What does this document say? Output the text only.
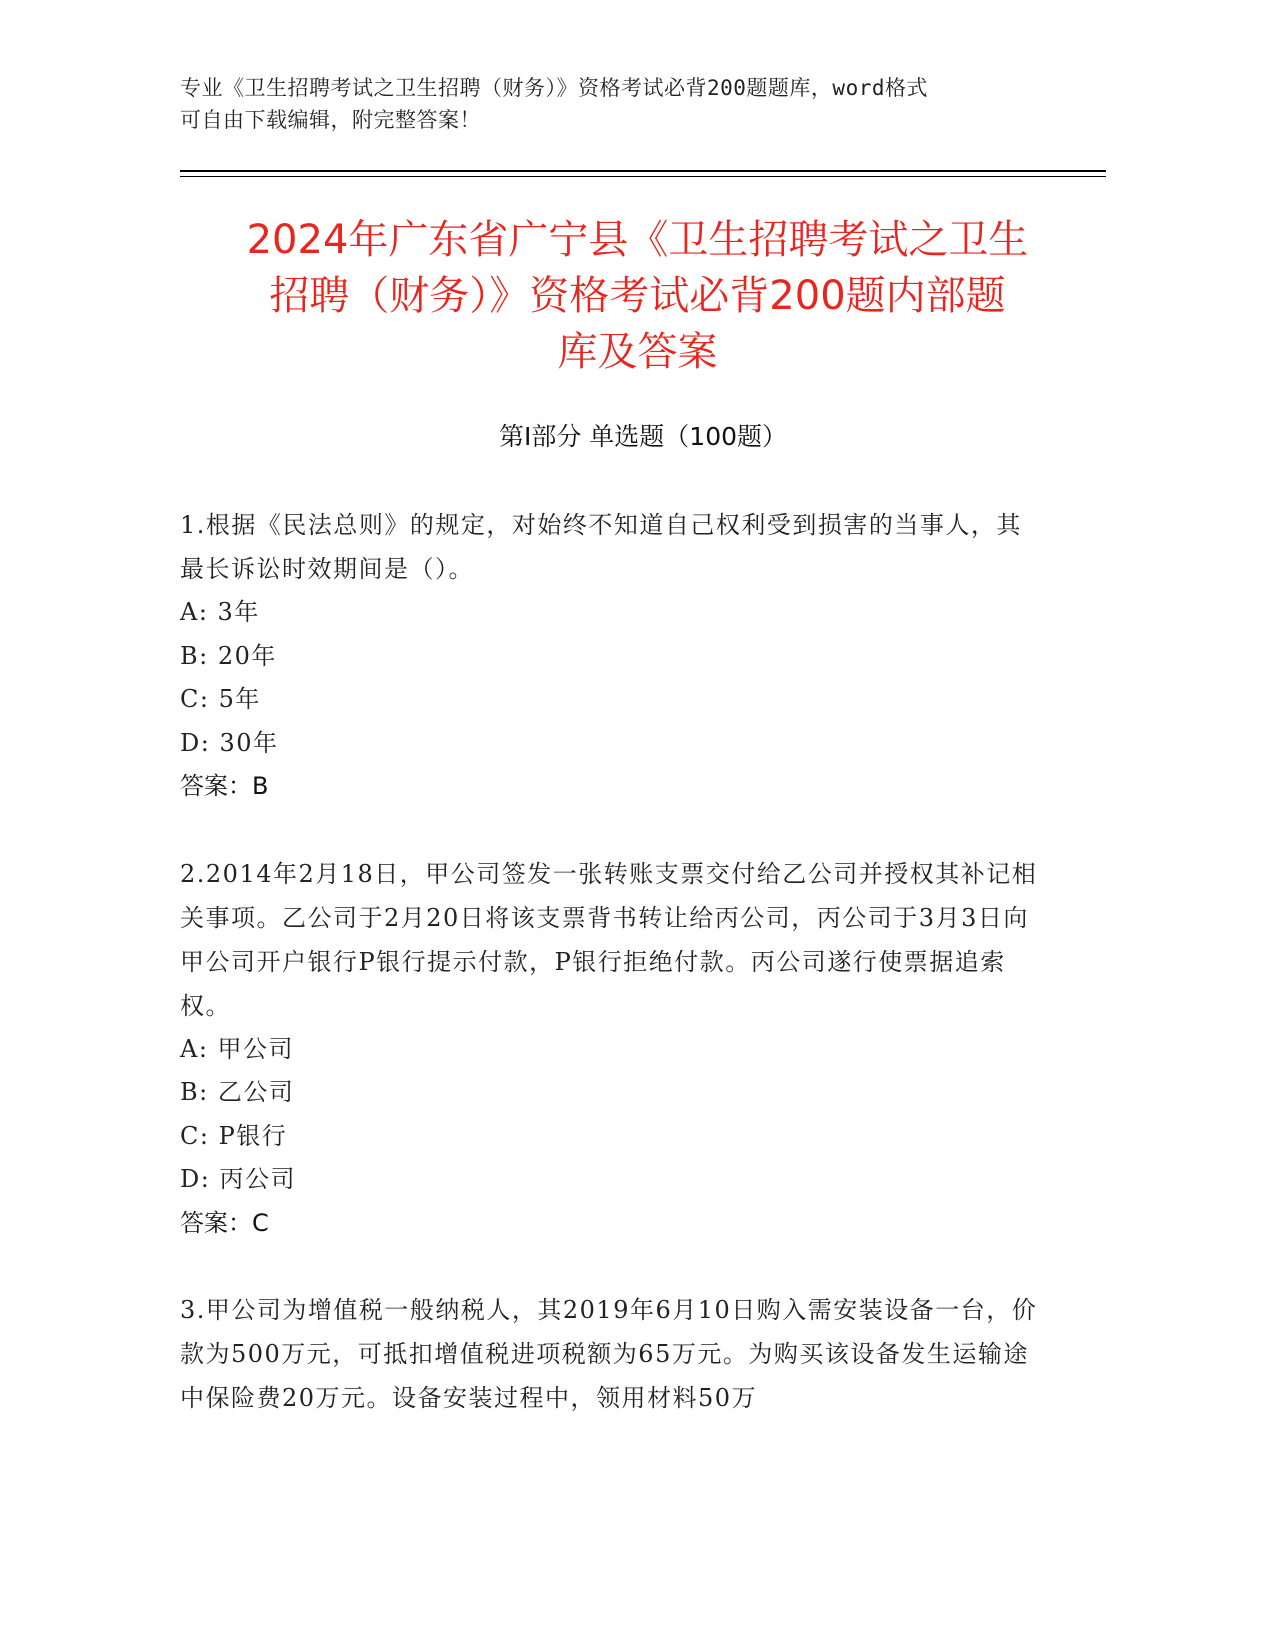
专业《卫生招聘考试之卫生招聘（财务）》资格考试必背200题题库，word格式
可自由下载编辑，附完整答案！
2024年广东省广宁县《卫生招聘考试之卫生
招聘（财务）》资格考试必背200题内部题
库及答案
第Ⅰ部分 单选题（100题）
1.根据《民法总则》的规定，对始终不知道自己权利受到损害的当事人，其最长诉讼时效期间是（）。
A: 3年
B: 20年
C: 5年
D: 30年
答案：B
2.2014年2月18日，甲公司签发一张转账支票交付给乙公司并授权其补记相关事项。乙公司于2月20日将该支票背书转让给丙公司，丙公司于3月3日向甲公司开户银行P银行提示付款，P银行拒绝付款。丙公司遂行使票据追索权。
A: 甲公司
B: 乙公司
C: P银行
D: 丙公司
答案：C
3.甲公司为增值税一般纳税人，其2019年6月10日购入需安装设备一台，价款为500万元，可抵扣增值税进项税额为65万元。为购买该设备发生运输途中保险费20万元。设备安装过程中，领用材料50万
